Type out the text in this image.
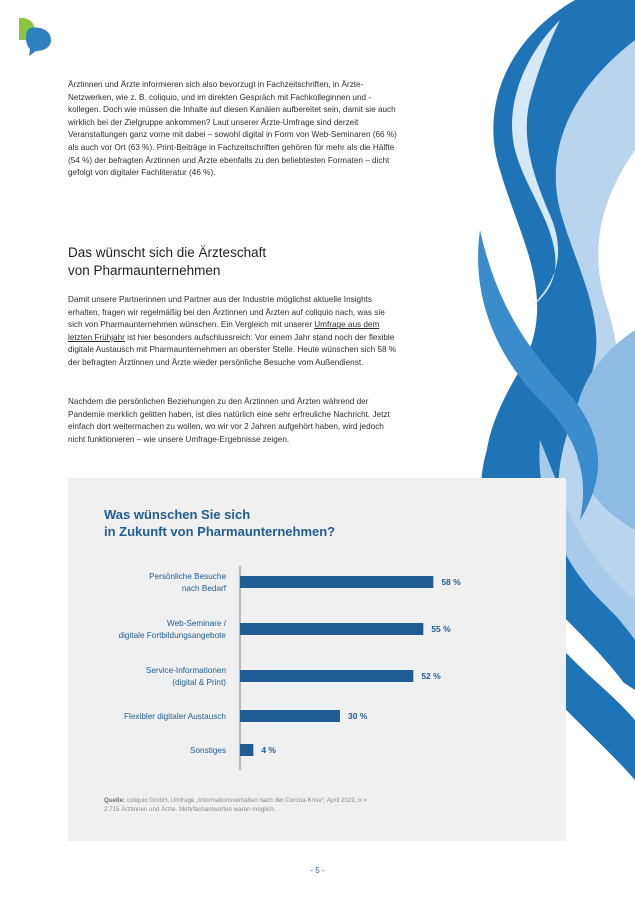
Ärztinnen und Ärzte informieren sich also bevorzugt in Fachzeitschriften, in Ärzte-Netzwerken, wie z. B. coliquio, und im direkten Gespräch mit Fachkolleginnen und -kollegen. Doch wie müssen die Inhalte auf diesen Kanälen aufbereitet sein, damit sie auch wirklich bei der Zielgruppe ankommen? Laut unserer Ärzte-Umfrage sind derzeit Veranstaltungen ganz vorne mit dabei – sowohl digital in Form von Web-Seminaren (66 %) als auch vor Ort (63 %). Print-Beiträge in Fachzeitschriften gehören für mehr als die Hälfte (54 %) der befragten Ärztinnen und Ärzte ebenfalls zu den beliebtesten Formaten – dicht gefolgt von digitaler Fachliteratur (46 %).

Das wünscht sich die Ärzteschaft
von Pharmaunternehmen

Damit unsere Partnerinnen und Partner aus der Industrie möglichst aktuelle Insights erhalten, fragen wir regelmäßig bei den Ärztinnen und Ärzten auf coliquio nach, was sie sich von Pharmaunternehmen wünschen. Ein Vergleich mit unserer Umfrage aus dem letzten Frühjahr ist hier besonders aufschlussreich: Vor einem Jahr stand noch der flexible digitale Austausch mit Pharmaunternehmen an oberster Stelle. Heute wünschen sich 58 % der befragten Ärztinnen und Ärzte wieder persönliche Besuche vom Außendienst.

Nachdem die persönlichen Beziehungen zu den Ärztinnen und Ärzten während der Pandemie merklich gelitten haben, ist dies natürlich eine sehr erfreuliche Nachricht. Jetzt einfach dort weitermachen zu wollen, wo wir vor 2 Jahren aufgehört haben, wird jedoch nicht funktionieren – wie unsere Umfrage-Ergebnisse zeigen.

Was wünschen Sie sich
in Zukunft von Pharmaunternehmen?
58 %
Persönliche Besuche
nach Bedarf
55 %
Web-Seminare /
digitale Fortbildungsangebote
52 %
Service-Informationen
(digital & Print)
30 %
Flexibler digitaler Austausch
4 %
Sonstiges

Quelle: coliquio GmbH, Umfrage „Informationsverhalten nach der Corona-Krise“, April 2022, n = 2.715 Ärztinnen und Ärzte. Mehrfachantworten waren möglich.

- 5 -
